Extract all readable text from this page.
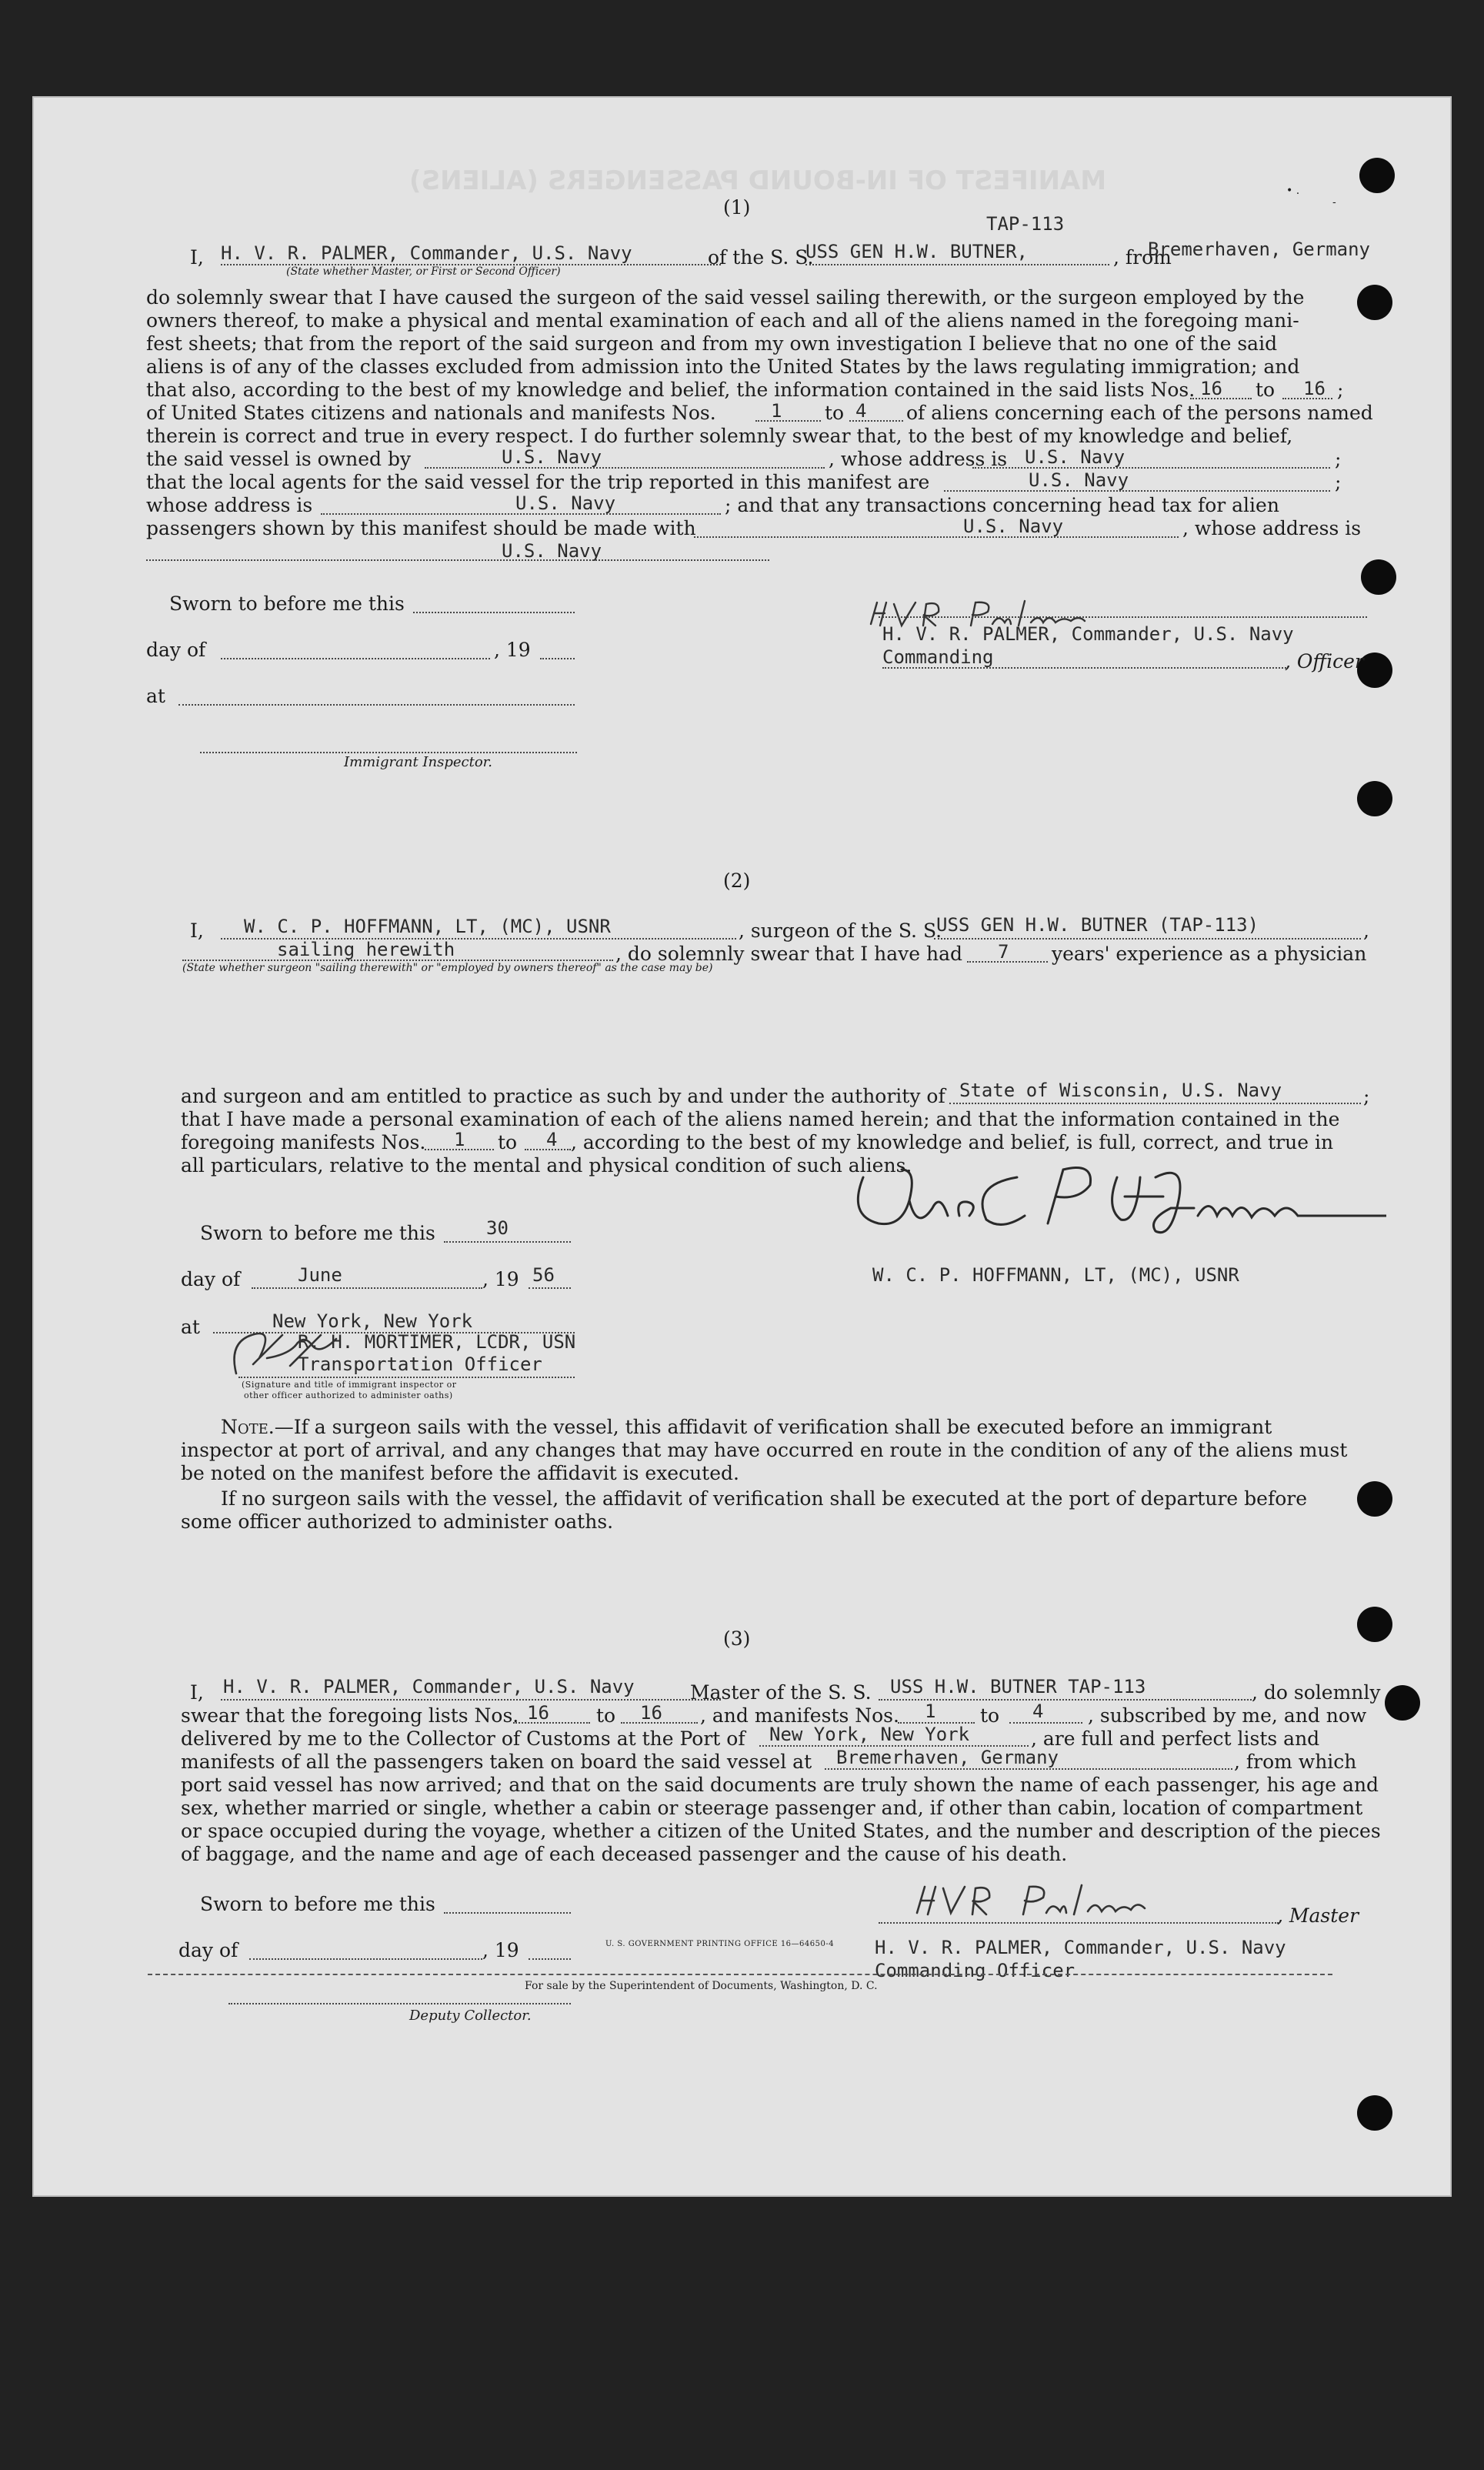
MANIFEST OF IN-BOUND PASSENGERS (ALIENS)
TAP-113
(1)
I, H. V. R. PALMER, Commander, U.S. Navy	of the S. S.
USS GEN H.W. BUTNER,	, from
Bremerhaven, Germany
(State whether Master, or First or Second Officer)
do solemnly swear that I have caused the surgeon of the said vessel sailing therewith, or the surgeon employed by the
owners thereof, to make a physical and mental examination of each and all of the aliens named in the foregoing mani-
fest sheets; that from the report of the said surgeon and from my own investigation I believe that no one of the said
aliens is of any of the classes excluded from admission into the United States by the laws regulating immigration; and
that also, according to the best of my knowledge and belief, the information contained in the said lists Nos. 16 to 16 ;
of United States citizens and nationals and manifests Nos.	1 to 4 of aliens concerning each of the persons named
therein is correct and true in every respect. I do further solemnly swear that, to the best of my knowledge and belief,
the said vessel is owned by	U.S. Navy	, whose address is U.S. Navy	;
that the local agents for the said vessel for the trip reported in this manifest are	U.S. Navy	;
whose address is	U.S. Navy	; and that any transactions concerning head tax for alien
passengers shown by this manifest should be made with	U.S. Navy	, whose address is
U.S. Navy
Sworn to before me this
day of	, 19
at
Immigrant Inspector.
H. V. R. PALMER, Commander, U.S. Navy
Commanding	, Officer
(2)
I, W. C. P. HOFFMANN, LT, (MC), USNR	, surgeon of the S. S.
USS GEN H.W. BUTNER (TAP-113)	,
sailing herewith	, do solemnly swear that I have had 7 years' experience as a physician
(State whether surgeon "sailing therewith" or "employed by owners thereof" as the case may be)
and surgeon and am entitled to practice as such by and under the authority of State of Wisconsin, U.S. Navy	;
that I have made a personal examination of each of the aliens named herein; and that the information contained in the
foregoing manifests Nos. 1 to 4 , according to the best of my knowledge and belief, is full, correct, and true in
all particulars, relative to the mental and physical condition of such aliens.
Sworn to before me this	30
day of	June	, 19 56
at	New York, New York
R. H. MORTIMER, LCDR, USN
Transportation Officer
(Signature and title of immigrant inspector or
other officer authorized to administer oaths)
W. C. P. HOFFMANN, LT, (MC), USNR
Note.—If a surgeon sails with the vessel, this affidavit of verification shall be executed before an immigrant
inspector at port of arrival, and any changes that may have occurred en route in the condition of any of the aliens must
be noted on the manifest before the affidavit is executed.
If no surgeon sails with the vessel, the affidavit of verification shall be executed at the port of departure before
some officer authorized to administer oaths.
(3)
I, H. V. R. PALMER, Commander, U.S. Navy	Master of the S. S. USS H.W. BUTNER TAP-113	, do solemnly
swear that the foregoing lists Nos. 16 to 16 , and manifests Nos. 1 to 4 , subscribed by me, and now
delivered by me to the Collector of Customs at the Port of New York, New York	, are full and perfect lists and
manifests of all the passengers taken on board the said vessel at Bremerhaven, Germany	, from which
port said vessel has now arrived; and that on the said documents are truly shown the name of each passenger, his age and
sex, whether married or single, whether a cabin or steerage passenger and, if other than cabin, location of compartment
or space occupied during the voyage, whether a citizen of the United States, and the number and description of the pieces
of baggage, and the name and age of each deceased passenger and the cause of his death.
Sworn to before me this
day of	, 19
Deputy Collector.
, Master
H. V. R. PALMER, Commander, U.S. Navy
Commanding Officer
U. S. GOVERNMENT PRINTING OFFICE 16—64650-4
For sale by the Superintendent of Documents, Washington, D. C.
• .
-
